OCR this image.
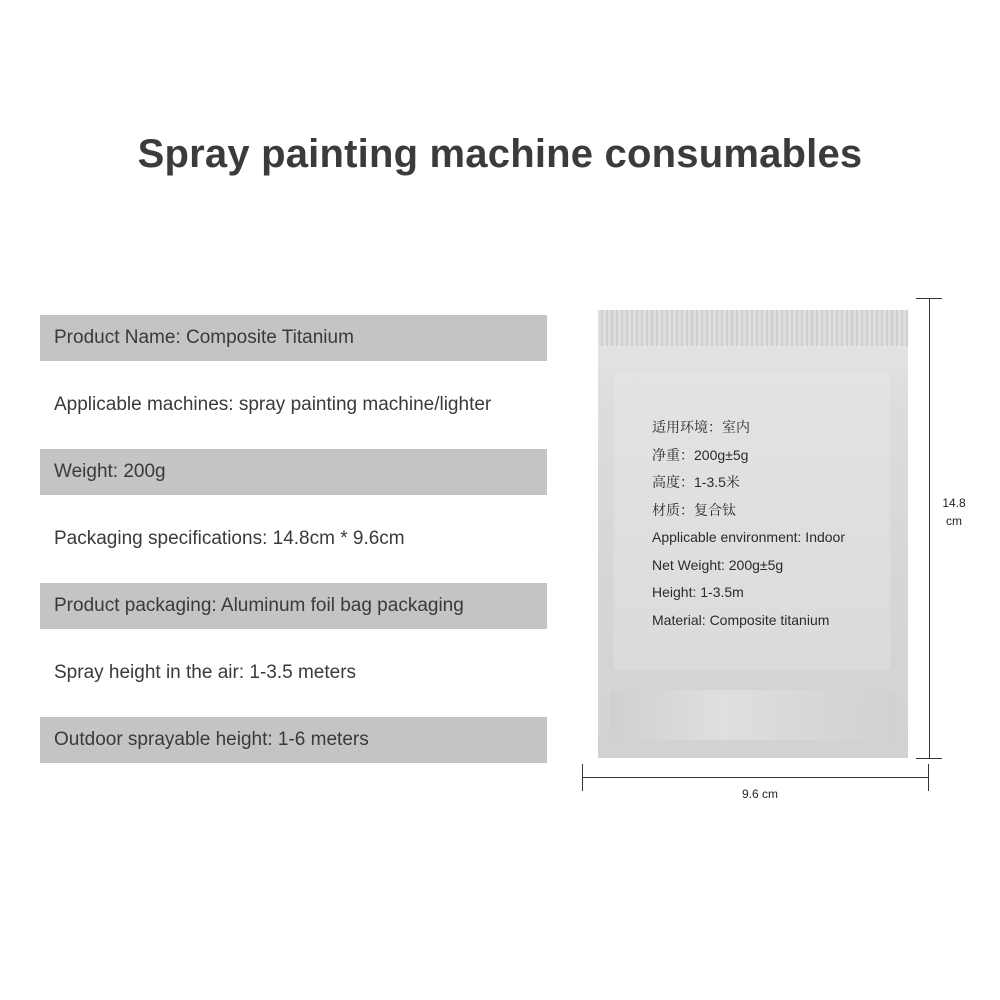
Spray painting machine consumables
Product Name: Composite Titanium
Applicable machines: spray painting machine/lighter
Weight: 200g
Packaging specifications: 14.8cm * 9.6cm
Product packaging: Aluminum foil bag packaging
Spray height in the air: 1-3.5 meters
Outdoor sprayable height: 1-6 meters
适用环境：室内
净重：200g±5g
高度：1-3.5米
材质：复合钛
Applicable environment: Indoor
Net Weight: 200g±5g
Height: 1-3.5m
Material: Composite titanium
14.8
cm
9.6 cm
